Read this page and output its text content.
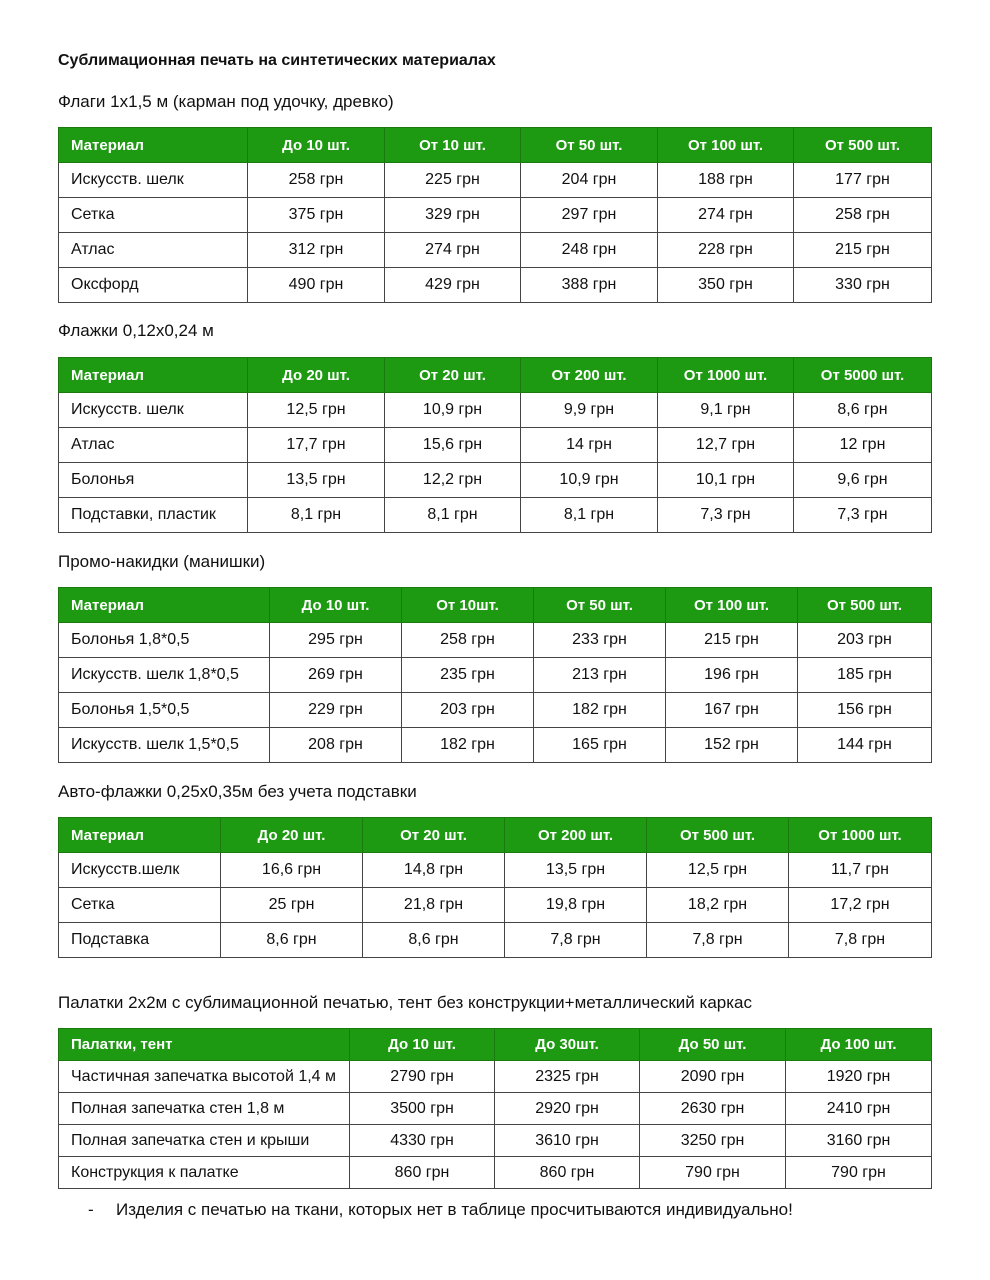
Сублимационная печать на синтетических материалах
Флаги 1х1,5 м (карман под удочку, древко)
Материал	До 10 шт.	От 10 шт.	От 50 шт.	От 100 шт.	От 500 шт.
Искусств. шелк	258 грн	225 грн	204 грн	188 грн	177 грн
Сетка	375 грн	329 грн	297 грн	274 грн	258 грн
Атлас	312 грн	274 грн	248 грн	228 грн	215 грн
Оксфорд	490 грн	429 грн	388 грн	350 грн	330 грн
Флажки 0,12х0,24 м
Материал	До 20 шт.	От 20 шт.	От 200 шт.	От 1000 шт.	От 5000 шт.
Искусств. шелк	12,5 грн	10,9 грн	9,9 грн	9,1 грн	8,6 грн
Атлас	17,7 грн	15,6 грн	14 грн	12,7 грн	12 грн
Болонья	13,5 грн	12,2 грн	10,9 грн	10,1 грн	9,6 грн
Подставки, пластик	8,1 грн	8,1 грн	8,1 грн	7,3 грн	7,3 грн
Промо-накидки (манишки)
Материал	До 10 шт.	От 10шт.	От 50 шт.	От 100 шт.	От 500 шт.
Болонья 1,8*0,5	295 грн	258 грн	233 грн	215 грн	203 грн
Искусств. шелк 1,8*0,5	269 грн	235 грн	213 грн	196 грн	185 грн
Болонья 1,5*0,5	229 грн	203 грн	182 грн	167 грн	156 грн
Искусств. шелк 1,5*0,5	208 грн	182 грн	165 грн	152 грн	144 грн
Авто-флажки 0,25х0,35м без учета подставки
Материал	До 20 шт.	От 20 шт.	От 200 шт.	От 500 шт.	От 1000 шт.
Искусств.шелк	16,6 грн	14,8 грн	13,5 грн	12,5 грн	11,7 грн
Сетка	25 грн	21,8 грн	19,8 грн	18,2 грн	17,2 грн
Подставка	8,6 грн	8,6 грн	7,8 грн	7,8 грн	7,8 грн
Палатки 2х2м с сублимационной печатью, тент без конструкции+металлический каркас
Палатки, тент	До 10 шт.	До 30шт.	До 50 шт.	До 100 шт.
Частичная запечатка высотой 1,4 м	2790 грн	2325 грн	2090 грн	1920 грн
Полная запечатка стен 1,8 м	3500 грн	2920 грн	2630 грн	2410 грн
Полная запечатка стен и крыши	4330 грн	3610 грн	3250 грн	3160 грн
Конструкция к палатке	860 грн	860 грн	790 грн	790 грн
- Изделия с печатью на ткани, которых нет в таблице просчитываются индивидуально!
